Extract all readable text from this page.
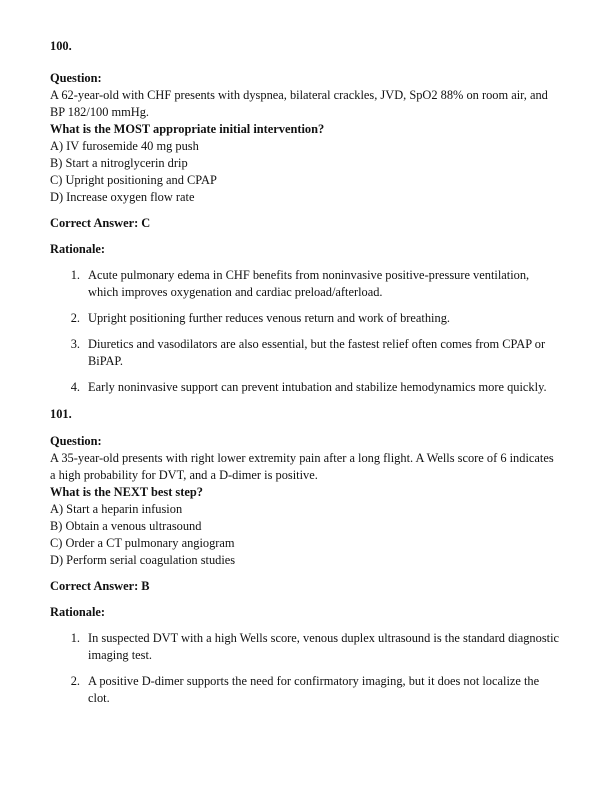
100.

Question:

A 62-year-old with CHF presents with dyspnea, bilateral crackles, JVD, SpO2 88% on room air, and BP 182/100 mmHg.

What is the MOST appropriate initial intervention?

A) IV furosemide 40 mg push
B) Start a nitroglycerin drip
C) Upright positioning and CPAP
D) Increase oxygen flow rate

Correct Answer: C

Rationale:

1. Acute pulmonary edema in CHF benefits from noninvasive positive-pressure ventilation, which improves oxygenation and cardiac preload/afterload.
2. Upright positioning further reduces venous return and work of breathing.
3. Diuretics and vasodilators are also essential, but the fastest relief often comes from CPAP or BiPAP.
4. Early noninvasive support can prevent intubation and stabilize hemodynamics more quickly.

101.

Question:

A 35-year-old presents with right lower extremity pain after a long flight. A Wells score of 6 indicates a high probability for DVT, and a D-dimer is positive.

What is the NEXT best step?

A) Start a heparin infusion
B) Obtain a venous ultrasound
C) Order a CT pulmonary angiogram
D) Perform serial coagulation studies

Correct Answer: B

Rationale:

1. In suspected DVT with a high Wells score, venous duplex ultrasound is the standard diagnostic imaging test.
2. A positive D-dimer supports the need for confirmatory imaging, but it does not localize the clot.
